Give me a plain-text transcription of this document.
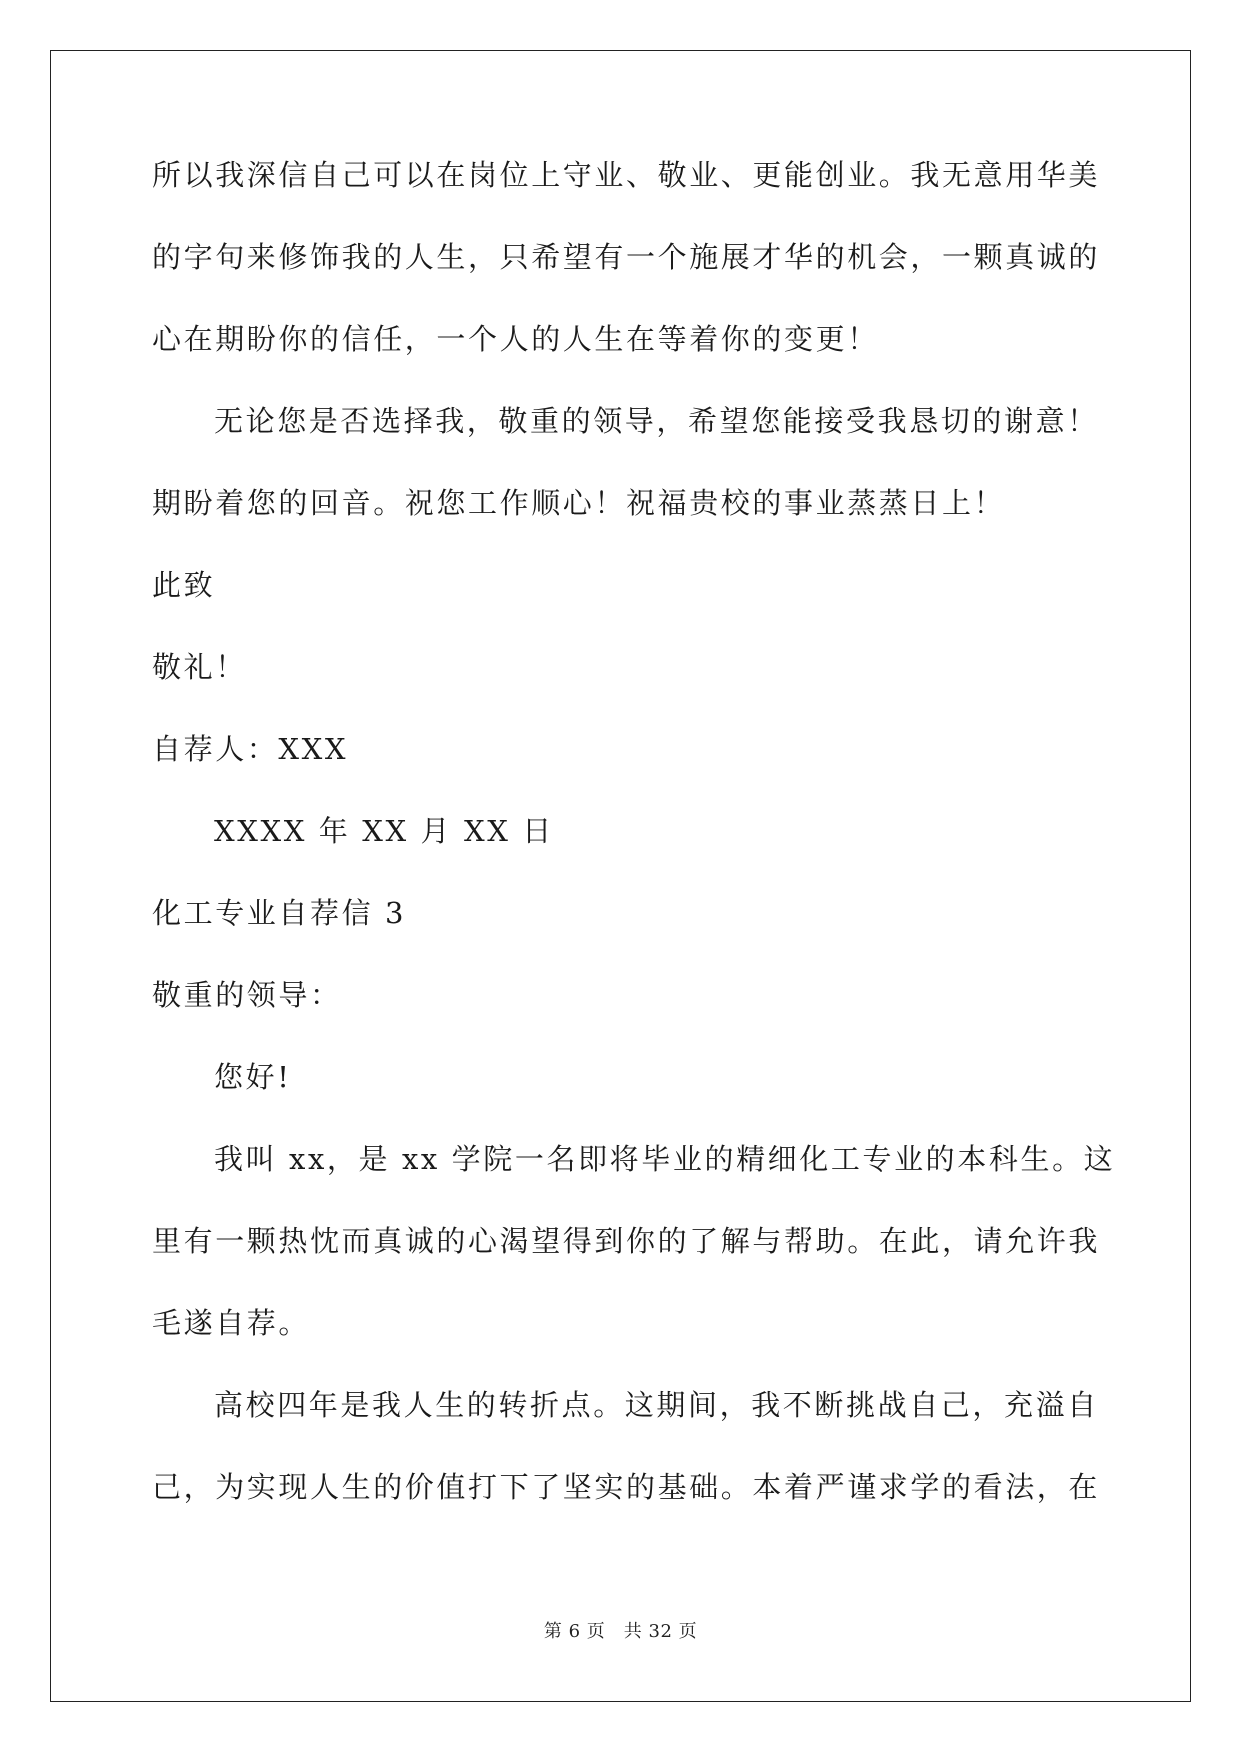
所以我深信自己可以在岗位上守业、敬业、更能创业。我无意用华美
的字句来修饰我的人生，只希望有一个施展才华的机会，一颗真诚的
心在期盼你的信任，一个人的人生在等着你的变更！
无论您是否选择我，敬重的领导，希望您能接受我恳切的谢意！
期盼着您的回音。祝您工作顺心！祝福贵校的事业蒸蒸日上！
此致
敬礼！
自荐人：XXX
XXXX 年 XX 月 XX 日
化工专业自荐信 3
敬重的领导：
您好!
我叫 xx，是 xx 学院一名即将毕业的精细化工专业的本科生。这
里有一颗热忱而真诚的心渴望得到你的了解与帮助。在此，请允许我
毛遂自荐。
高校四年是我人生的转折点。这期间，我不断挑战自己，充溢自
己，为实现人生的价值打下了坚实的基础。本着严谨求学的看法，在
第 6 页　共 32 页
